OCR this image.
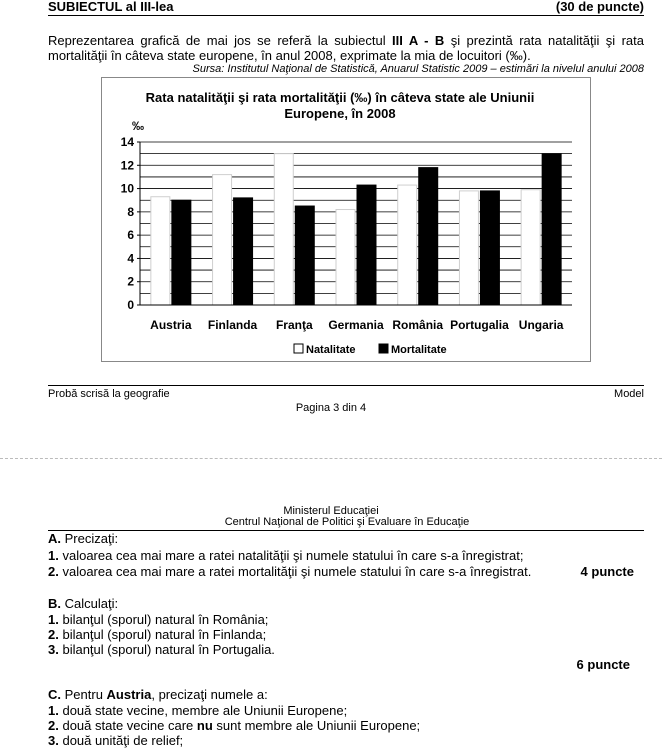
SUBIECTUL al III-lea	(30 de puncte)
Reprezentarea grafică de mai jos se referă la subiectul III A - B şi prezintă rata natalităţii şi rata mortalităţii în câteva state europene, în anul 2008, exprimate la mia de locuitori (‰).
Sursa: Institutul Naţional de Statistică, Anuarul Statistic 2009 – estimări la nivelul anului 2008
Rata natalităţii şi rata mortalităţii (‰) în câteva state ale Uniunii
Europene, în 2008
‰
0
2
4
6
8
10
12
14
Austria Finlanda Franţa Germania România Portugalia Ungaria
Natalitate	Mortalitate
Probă scrisă la geografie	Model
Pagina 3 din 4
Ministerul Educaţiei
Centrul Naţional de Politici şi Evaluare în Educaţie
A. Precizaţi:
1. valoarea cea mai mare a ratei natalităţii şi numele statului în care s-a înregistrat;
2. valoarea cea mai mare a ratei mortalităţii şi numele statului în care s-a înregistrat.	4 puncte
B. Calculaţi:
1. bilanţul (sporul) natural în România;
2. bilanţul (sporul) natural în Finlanda;
3. bilanţul (sporul) natural în Portugalia.
6 puncte
C. Pentru Austria, precizaţi numele a:
1. două state vecine, membre ale Uniunii Europene;
2. două state vecine care nu sunt membre ale Uniunii Europene;
3. două unităţi de relief;
